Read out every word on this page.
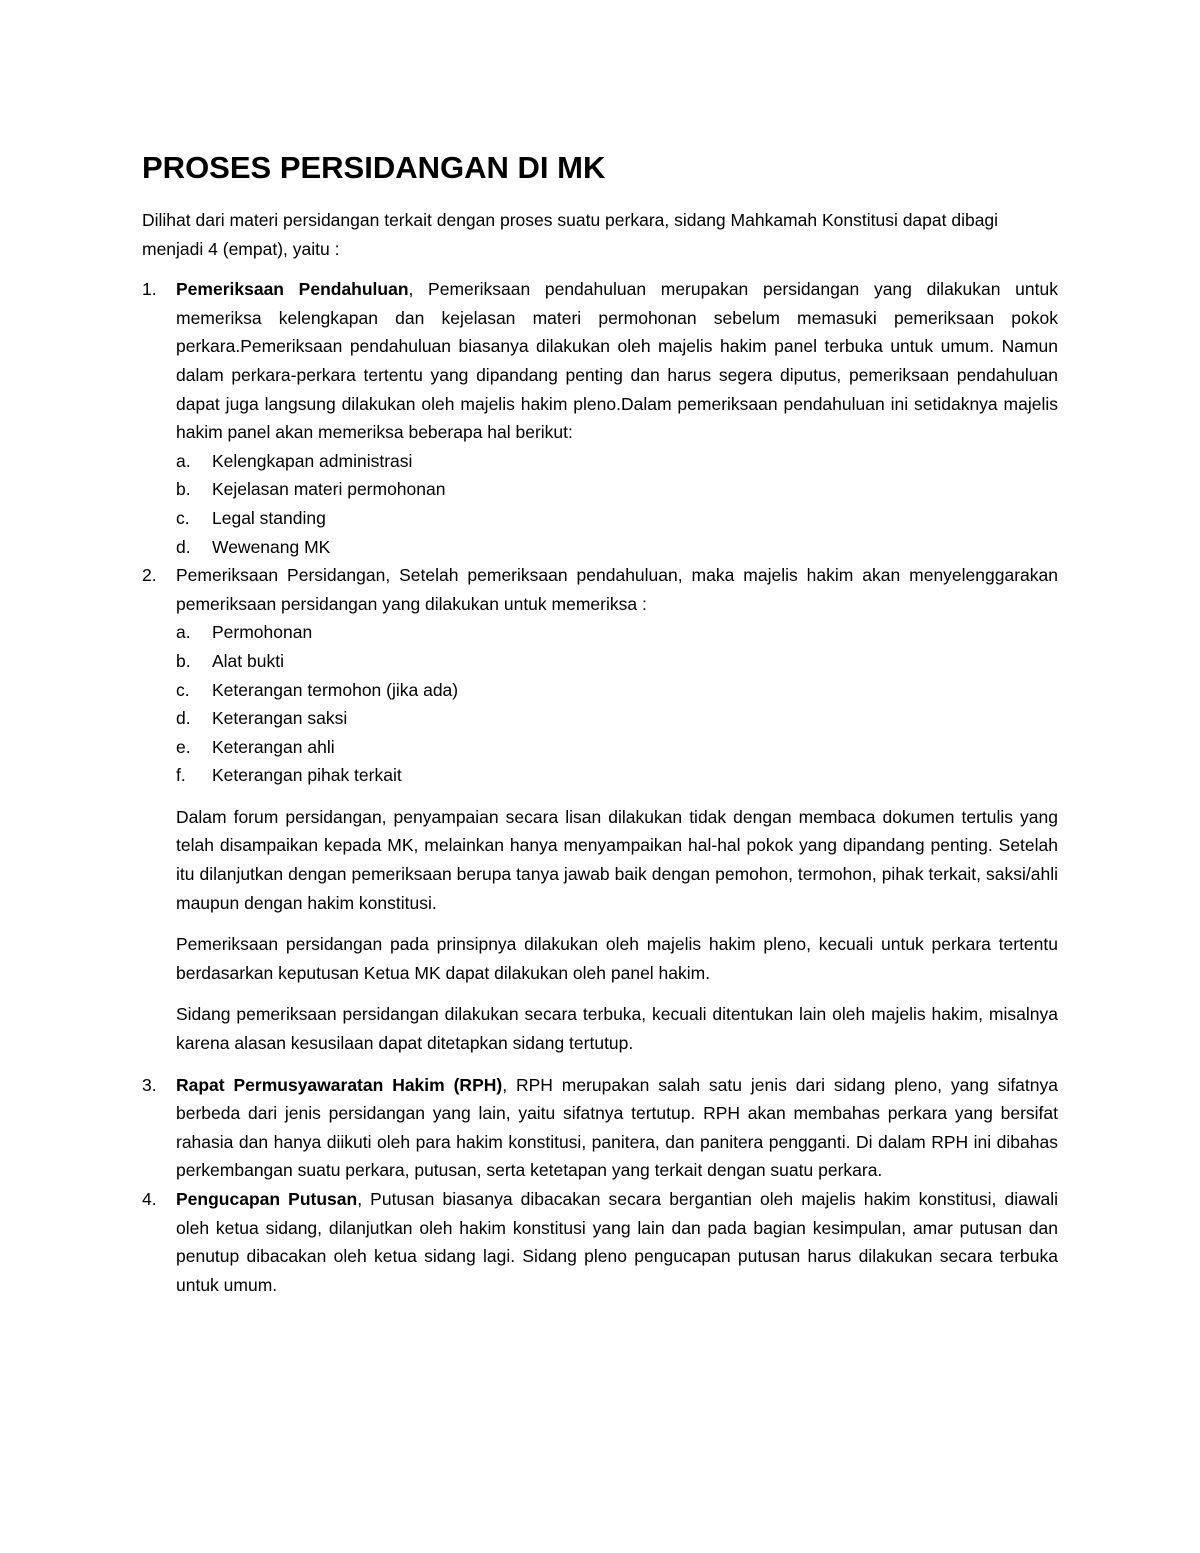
PROSES PERSIDANGAN DI MK

Dilihat dari materi persidangan terkait dengan proses suatu perkara, sidang Mahkamah Konstitusi dapat dibagi menjadi 4 (empat), yaitu :

1. Pemeriksaan Pendahuluan, Pemeriksaan pendahuluan merupakan persidangan yang dilakukan untuk memeriksa kelengkapan dan kejelasan materi permohonan sebelum memasuki pemeriksaan pokok perkara.Pemeriksaan pendahuluan biasanya dilakukan oleh majelis hakim panel terbuka untuk umum. Namun dalam perkara-perkara tertentu yang dipandang penting dan harus segera diputus, pemeriksaan pendahuluan dapat juga langsung dilakukan oleh majelis hakim pleno.Dalam pemeriksaan pendahuluan ini setidaknya majelis hakim panel akan memeriksa beberapa hal berikut:

a. Kelengkapan administrasi
b. Kejelasan materi permohonan
c. Legal standing
d. Wewenang MK
2. Pemeriksaan Persidangan, Setelah pemeriksaan pendahuluan, maka majelis hakim akan menyelenggarakan pemeriksaan persidangan yang dilakukan untuk memeriksa :

a. Permohonan
b. Alat bukti
c. Keterangan termohon (jika ada)
d. Keterangan saksi
e. Keterangan ahli
f. Keterangan pihak terkait

Dalam forum persidangan, penyampaian secara lisan dilakukan tidak dengan membaca dokumen tertulis yang telah disampaikan kepada MK, melainkan hanya menyampaikan hal-hal pokok yang dipandang penting. Setelah itu dilanjutkan dengan pemeriksaan berupa tanya jawab baik dengan pemohon, termohon, pihak terkait, saksi/ahli maupun dengan hakim konstitusi.

Pemeriksaan persidangan pada prinsipnya dilakukan oleh majelis hakim pleno, kecuali untuk perkara tertentu berdasarkan keputusan Ketua MK dapat dilakukan oleh panel hakim.

Sidang pemeriksaan persidangan dilakukan secara terbuka, kecuali ditentukan lain oleh majelis hakim, misalnya karena alasan kesusilaan dapat ditetapkan sidang tertutup.

3. Rapat Permusyawaratan Hakim (RPH), RPH merupakan salah satu jenis dari sidang pleno, yang sifatnya berbeda dari jenis persidangan yang lain, yaitu sifatnya tertutup. RPH akan membahas perkara yang bersifat rahasia dan hanya diikuti oleh para hakim konstitusi, panitera, dan panitera pengganti. Di dalam RPH ini dibahas perkembangan suatu perkara, putusan, serta ketetapan yang terkait dengan suatu perkara.

4. Pengucapan Putusan, Putusan biasanya dibacakan secara bergantian oleh majelis hakim konstitusi, diawali oleh ketua sidang, dilanjutkan oleh hakim konstitusi yang lain dan pada bagian kesimpulan, amar putusan dan penutup dibacakan oleh ketua sidang lagi. Sidang pleno pengucapan putusan harus dilakukan secara terbuka untuk umum.
